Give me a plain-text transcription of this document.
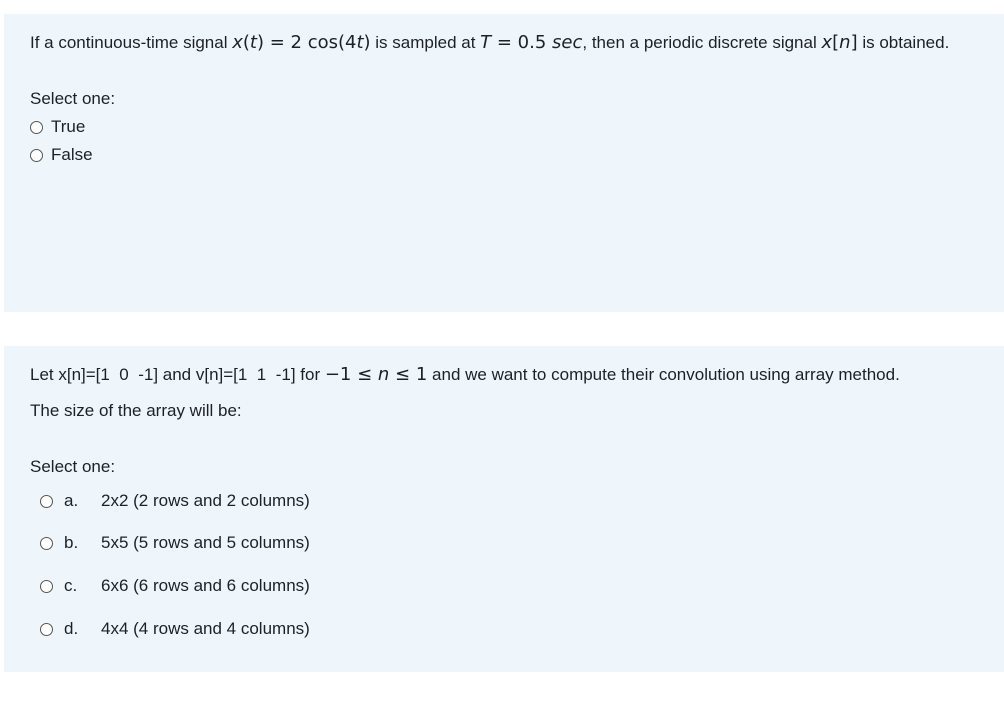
If a continuous-time signal x(t) = 2 cos(4t) is sampled at T = 0.5 sec, then a periodic discrete signal x[n] is obtained.
Select one:
True
False
Let x[n]=[1  0  -1] and v[n]=[1  1  -1] for −1 ≤ n ≤ 1 and we want to compute their convolution using array method.
The size of the array will be:
Select one:
a.	2x2 (2 rows and 2 columns)
b.	5x5 (5 rows and 5 columns)
c.	6x6 (6 rows and 6 columns)
d.	4x4 (4 rows and 4 columns)
